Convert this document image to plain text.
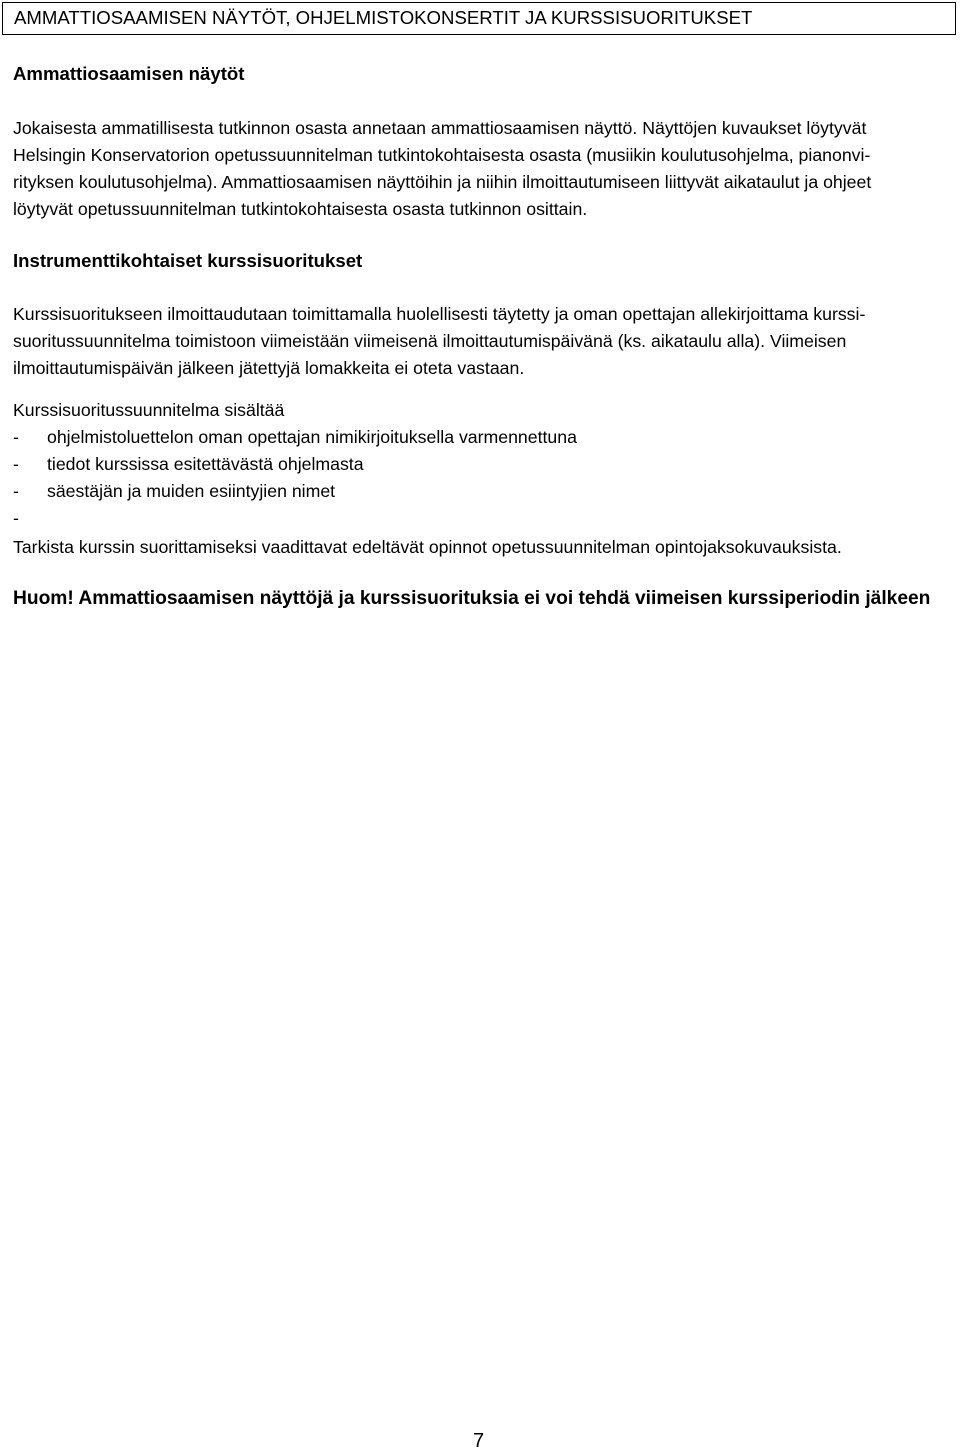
AMMATTIOSAAMISEN NÄYTÖT, OHJELMISTOKONSERTIT JA KURSSISUORITUKSET
Ammattiosaamisen näytöt
Jokaisesta ammatillisesta tutkinnon osasta annetaan ammattiosaamisen näyttö. Näyttöjen kuvaukset löytyvät
Helsingin Konservatorion opetussuunnitelman tutkintokohtaisesta osasta (musiikin koulutusohjelma, pianonvi-
rityksen koulutusohjelma). Ammattiosaamisen näyttöihin ja niihin ilmoittautumiseen liittyvät aikataulut ja ohjeet
löytyvät opetussuunnitelman tutkintokohtaisesta osasta tutkinnon osittain.
Instrumenttikohtaiset kurssisuoritukset
Kurssisuoritukseen ilmoittaudutaan toimittamalla huolellisesti täytetty ja oman opettajan allekirjoittama kurssi-
suoritussuunnitelma toimistoon viimeistään viimeisenä ilmoittautumispäivänä (ks. aikataulu alla). Viimeisen
ilmoittautumispäivän jälkeen jätettyjä lomakkeita ei oteta vastaan.
Kurssisuoritussuunnitelma sisältää
- ohjelmistoluettelon oman opettajan nimikirjoituksella varmennettuna
- tiedot kurssissa esitettävästä ohjelmasta
- säestäjän ja muiden esiintyjien nimet
-
Tarkista kurssin suorittamiseksi vaadittavat edeltävät opinnot opetussuunnitelman opintojaksokuvauksista.
Huom! Ammattiosaamisen näyttöjä ja kurssisuorituksia ei voi tehdä viimeisen kurssiperiodin jälkeen
7
